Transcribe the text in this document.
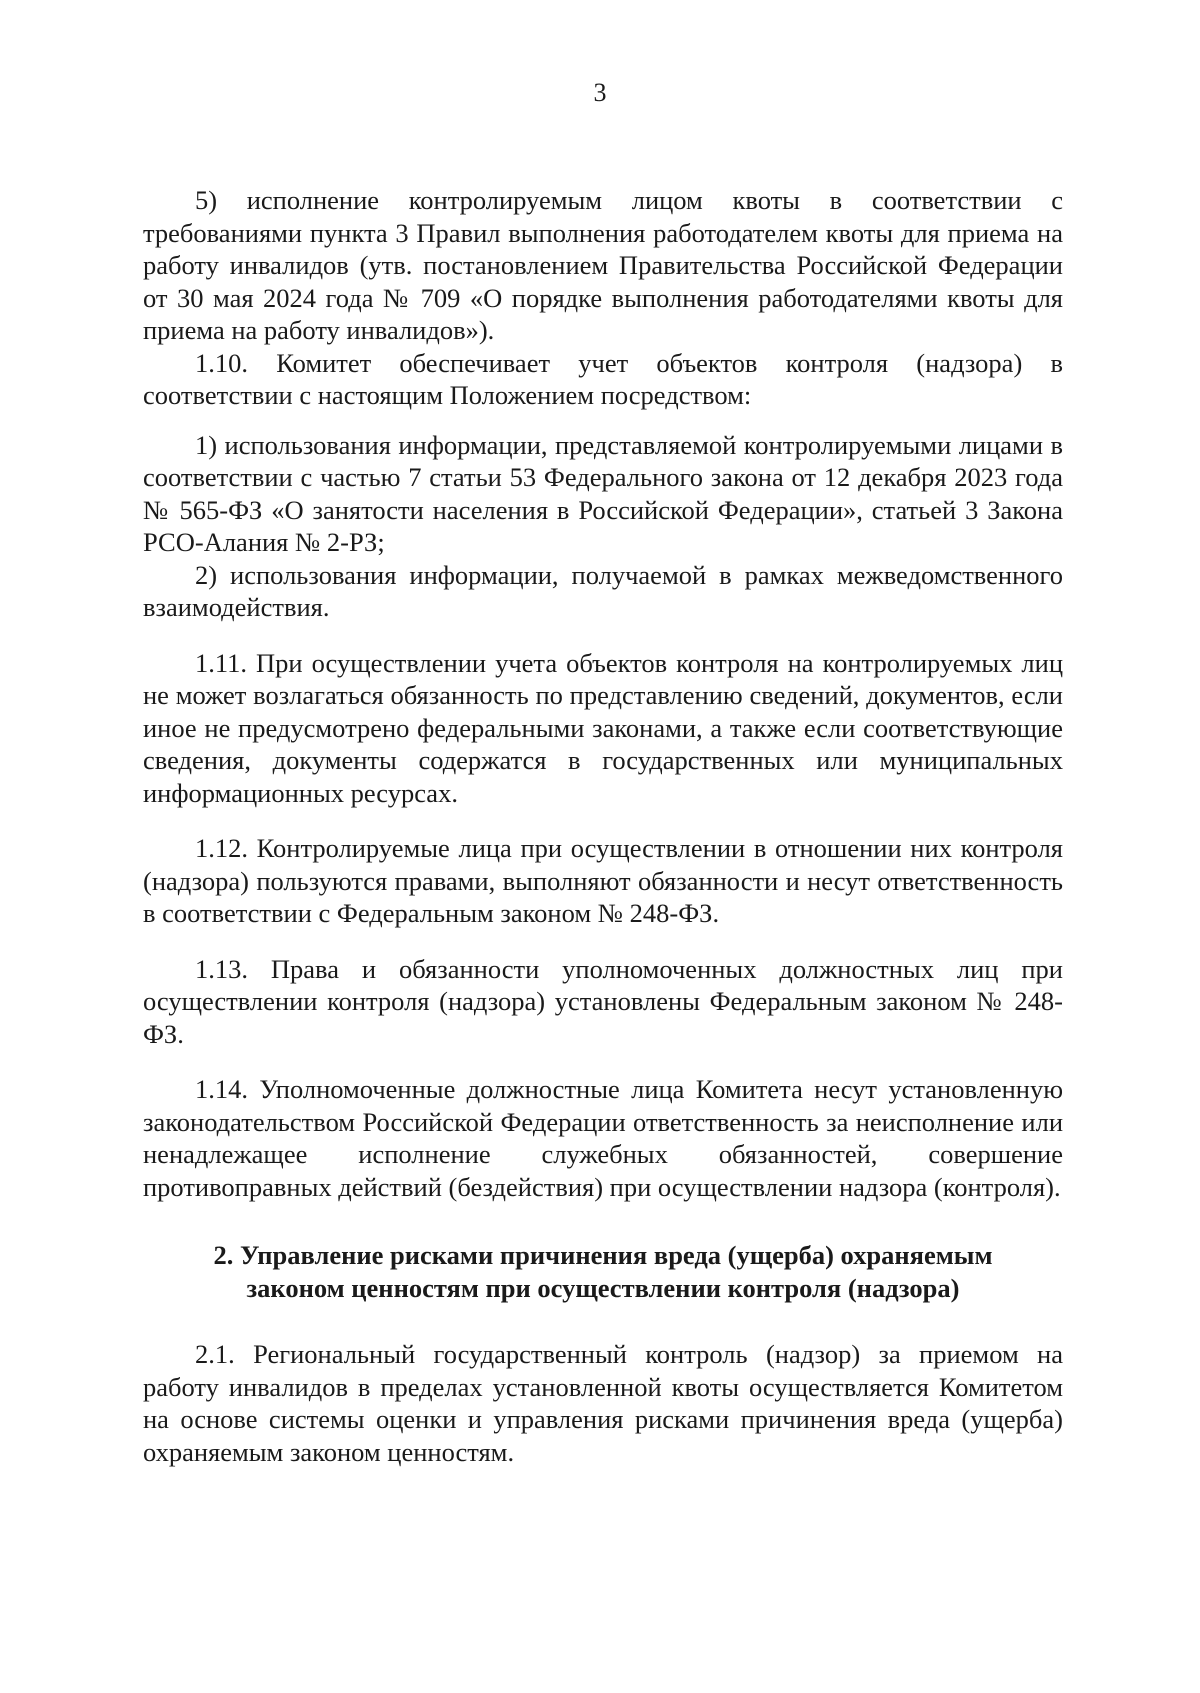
3

5) исполнение контролируемым лицом квоты в соответствии с требованиями пункта 3 Правил выполнения работодателем квоты для приема на работу инвалидов (утв. постановлением Правительства Российской Федерации от 30 мая 2024 года № 709 «О порядке выполнения работодателями квоты для приема на работу инвалидов»).

1.10. Комитет обеспечивает учет объектов контроля (надзора) в соответствии с настоящим Положением посредством:

1) использования информации, представляемой контролируемыми лицами в соответствии с частью 7 статьи 53 Федерального закона от 12 декабря 2023 года № 565-ФЗ «О занятости населения в Российской Федерации», статьей 3 Закона РСО-Алания № 2-РЗ;

2) использования информации, получаемой в рамках межведомственного взаимодействия.

1.11. При осуществлении учета объектов контроля на контролируемых лиц не может возлагаться обязанность по представлению сведений, документов, если иное не предусмотрено федеральными законами, а также если соответствующие сведения, документы содержатся в государственных или муниципальных информационных ресурсах.

1.12. Контролируемые лица при осуществлении в отношении них контроля (надзора) пользуются правами, выполняют обязанности и несут ответственность в соответствии с Федеральным законом № 248-ФЗ.

1.13. Права и обязанности уполномоченных должностных лиц при осуществлении контроля (надзора) установлены Федеральным законом № 248-ФЗ.

1.14. Уполномоченные должностные лица Комитета несут установленную законодательством Российской Федерации ответственность за неисполнение или ненадлежащее исполнение служебных обязанностей, совершение противоправных действий (бездействия) при осуществлении надзора (контроля).

2. Управление рисками причинения вреда (ущерба) охраняемым законом ценностям при осуществлении контроля (надзора)

2.1. Региональный государственный контроль (надзор) за приемом на работу инвалидов в пределах установленной квоты осуществляется Комитетом на основе системы оценки и управления рисками причинения вреда (ущерба) охраняемым законом ценностям.
